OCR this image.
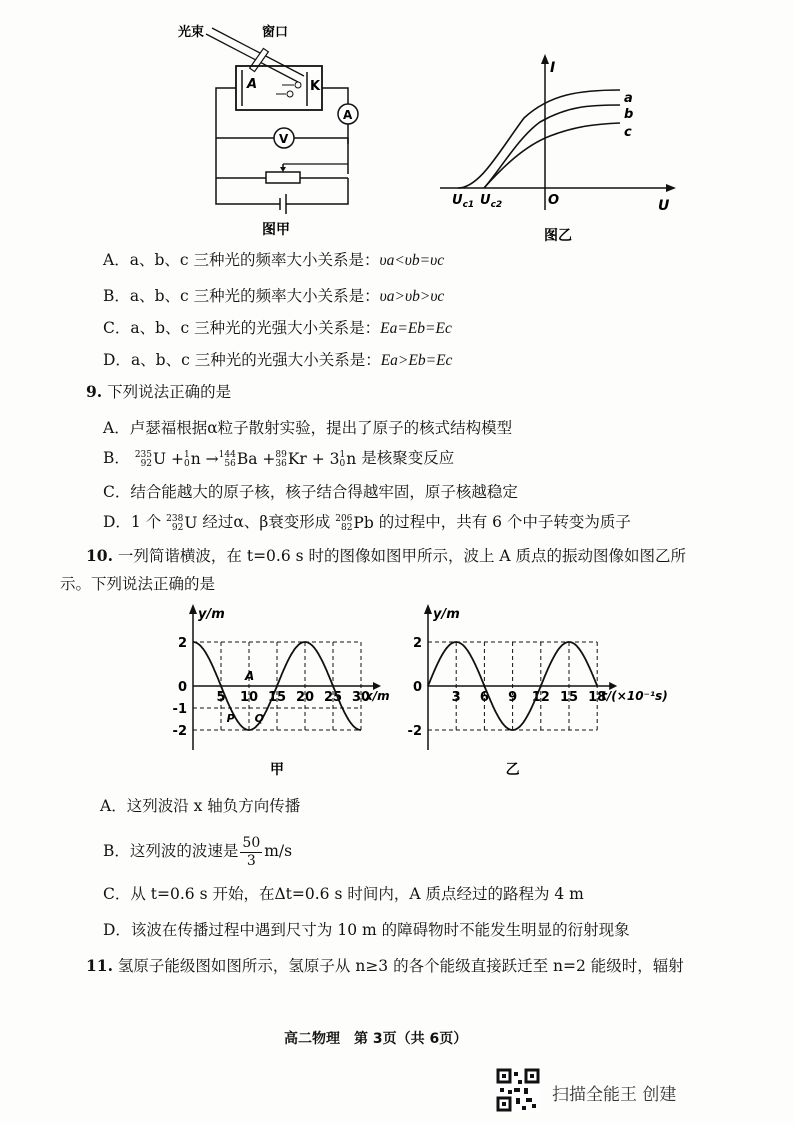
光束	窗口
A	K
A
V
图甲
I
U
O
$U_{c1}$ $U_{c2}$
a
b
c
图乙
A．a、b、c 三种光的频率大小关系是：υa<υb=υc
B．a、b、c 三种光的频率大小关系是：υa>υb>υc
C．a、b、c 三种光的光强大小关系是：Ea=Eb=Ec
D．a、b、c 三种光的光强大小关系是：Ea>Eb=Ec
9. 下列说法正确的是
A．卢瑟福根据α粒子散射实验，提出了原子的核式结构模型
B． 235
92 U + 1
0 n → 144
56 Ba + 89
36 Kr + 3 1
0 n 是核聚变反应
C．结合能越大的原子核，核子结合得越牢固，原子核越稳定
D．1 个 238
92 U 经过α、β衰变形成 206
82 Pb 的过程中，共有 6 个中子转变为质子
10. 一列简谐横波，在 t=0.6 s 时的图像如图甲所示，波上 A 质点的振动图像如图乙所
示。下列说法正确的是
y/m
x/m
2
0
-1
-2
5 10 15 20 25 30
甲
A
P Q
y/m
t/(×10⁻¹s)
2
0
-2
3 6 9 12 15 18
乙
A．这列波沿 x 轴负方向传播
B．这列波的波速是 $\frac{50}{3} m/s$
C．从 t=0.6 s 开始，在Δt=0.6 s 时间内，A 质点经过的路程为 4 m
D．该波在传播过程中遇到尺寸为 10 m 的障碍物时不能发生明显的衍射现象
11. 氢原子能级图如图所示，氢原子从 n≥3 的各个能级直接跃迁至 n=2 能级时，辐射
高二物理　第 3页（共 6页）
扫描全能王 创建
